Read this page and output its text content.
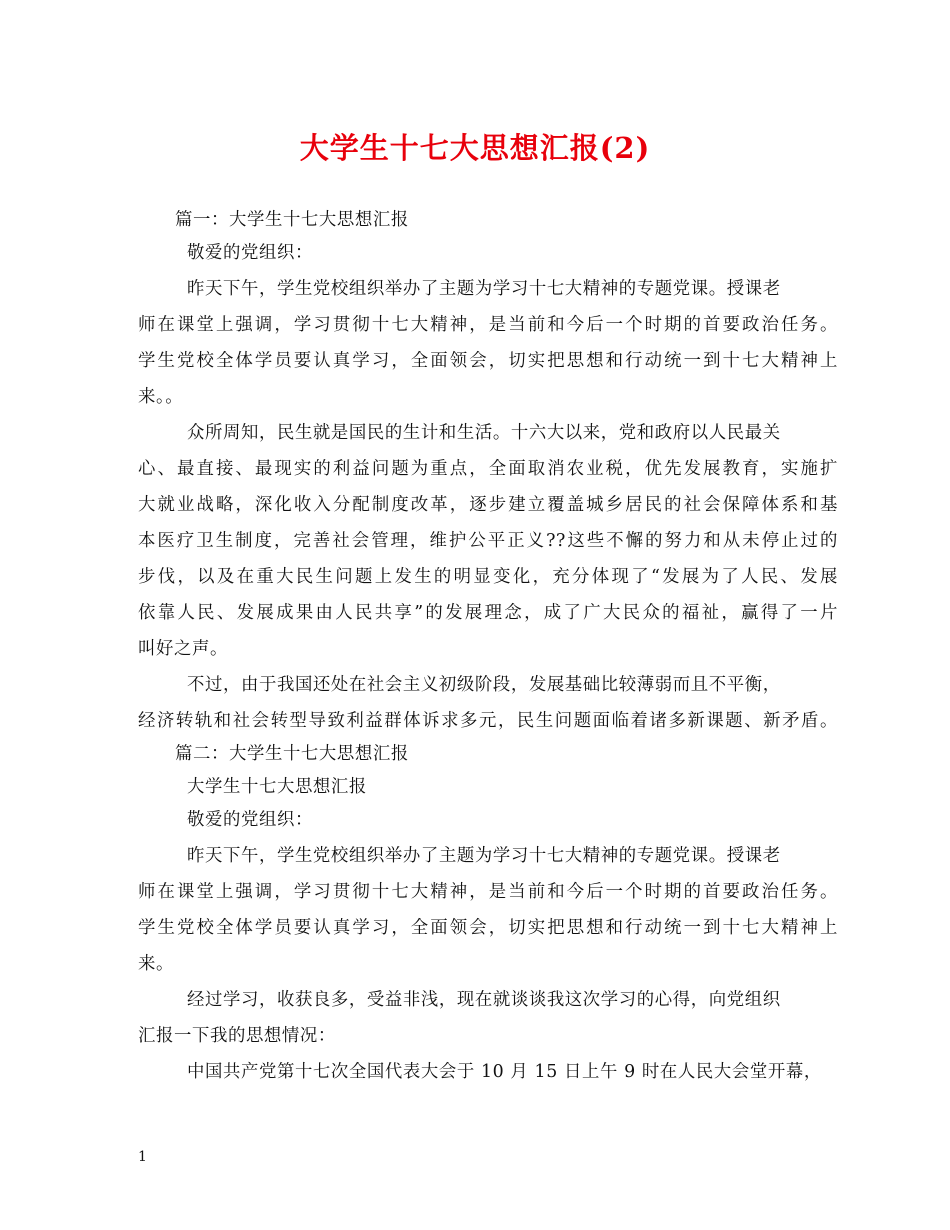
大学生十七大思想汇报(2)
篇一：大学生十七大思想汇报
敬爱的党组织：
昨天下午，学生党校组织举办了主题为学习十七大精神的专题党课。授课老
师在课堂上强调，学习贯彻十七大精神，是当前和今后一个时期的首要政治任务。
学生党校全体学员要认真学习，全面领会，切实把思想和行动统一到十七大精神上
来。。
众所周知，民生就是国民的生计和生活。十六大以来，党和政府以人民最关
心、最直接、最现实的利益问题为重点，全面取消农业税，优先发展教育，实施扩
大就业战略，深化收入分配制度改革，逐步建立覆盖城乡居民的社会保障体系和基
本医疗卫生制度，完善社会管理，维护公平正义??这些不懈的努力和从未停止过的
步伐，以及在重大民生问题上发生的明显变化，充分体现了“发展为了人民、发展
依靠人民、发展成果由人民共享”的发展理念，成了广大民众的福祉，赢得了一片
叫好之声。
不过，由于我国还处在社会主义初级阶段，发展基础比较薄弱而且不平衡，
经济转轨和社会转型导致利益群体诉求多元，民生问题面临着诸多新课题、新矛盾。
篇二：大学生十七大思想汇报
大学生十七大思想汇报
敬爱的党组织：
昨天下午，学生党校组织举办了主题为学习十七大精神的专题党课。授课老
师在课堂上强调，学习贯彻十七大精神，是当前和今后一个时期的首要政治任务。
学生党校全体学员要认真学习，全面领会，切实把思想和行动统一到十七大精神上
来。
经过学习，收获良多，受益非浅，现在就谈谈我这次学习的心得，向党组织
汇报一下我的思想情况：
中国共产党第十七次全国代表大会于 10 月 15 日上午 9 时在人民大会堂开幕，
1
